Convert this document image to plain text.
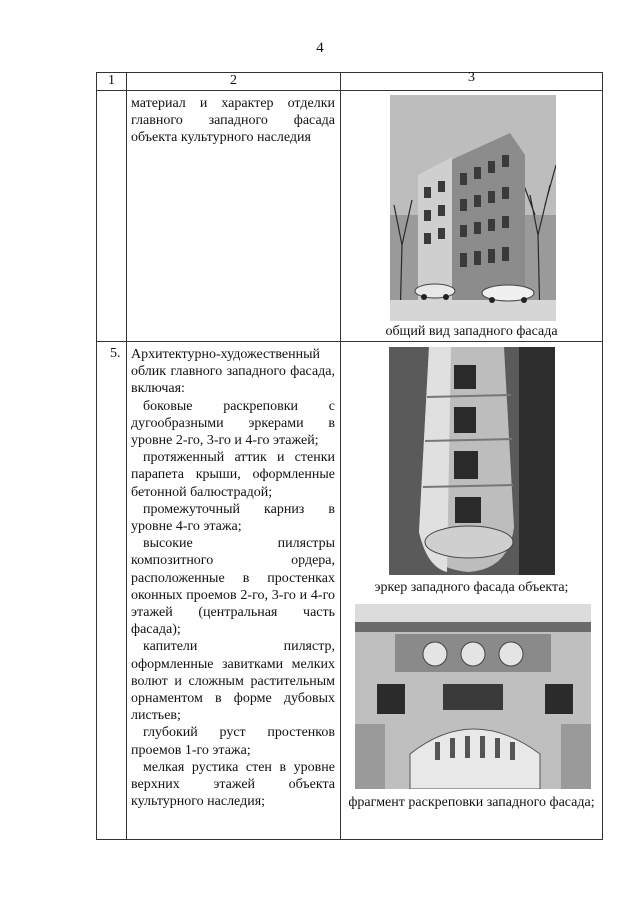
4
1	2	3
материал и характер отделки главного западного фасада объекта культурного наследия
общий вид западного фасада
5. Архитектурно-художественный облик главного западного фасада, включая:
боковые раскреповки с дугообразными эркерами в уровне 2-го, 3-го и 4-го этажей;
протяженный аттик и стенки парапета крыши, оформленные бетонной балюстрадой;
промежуточный карниз в уровне 4-го этажа;
высокие пилястры композитного ордера, расположенные в простенках оконных проемов 2-го, 3-го и 4-го этажей (центральная часть фасада);
капители пилястр, оформленные завитками мелких волют и сложным растительным орнаментом в форме дубовых листьев;
глубокий руст простенков проемов 1-го этажа;
мелкая рустика стен в уровне верхних этажей объекта культурного наследия;
эркер западного фасада объекта;
фрагмент раскреповки западного фасада;
